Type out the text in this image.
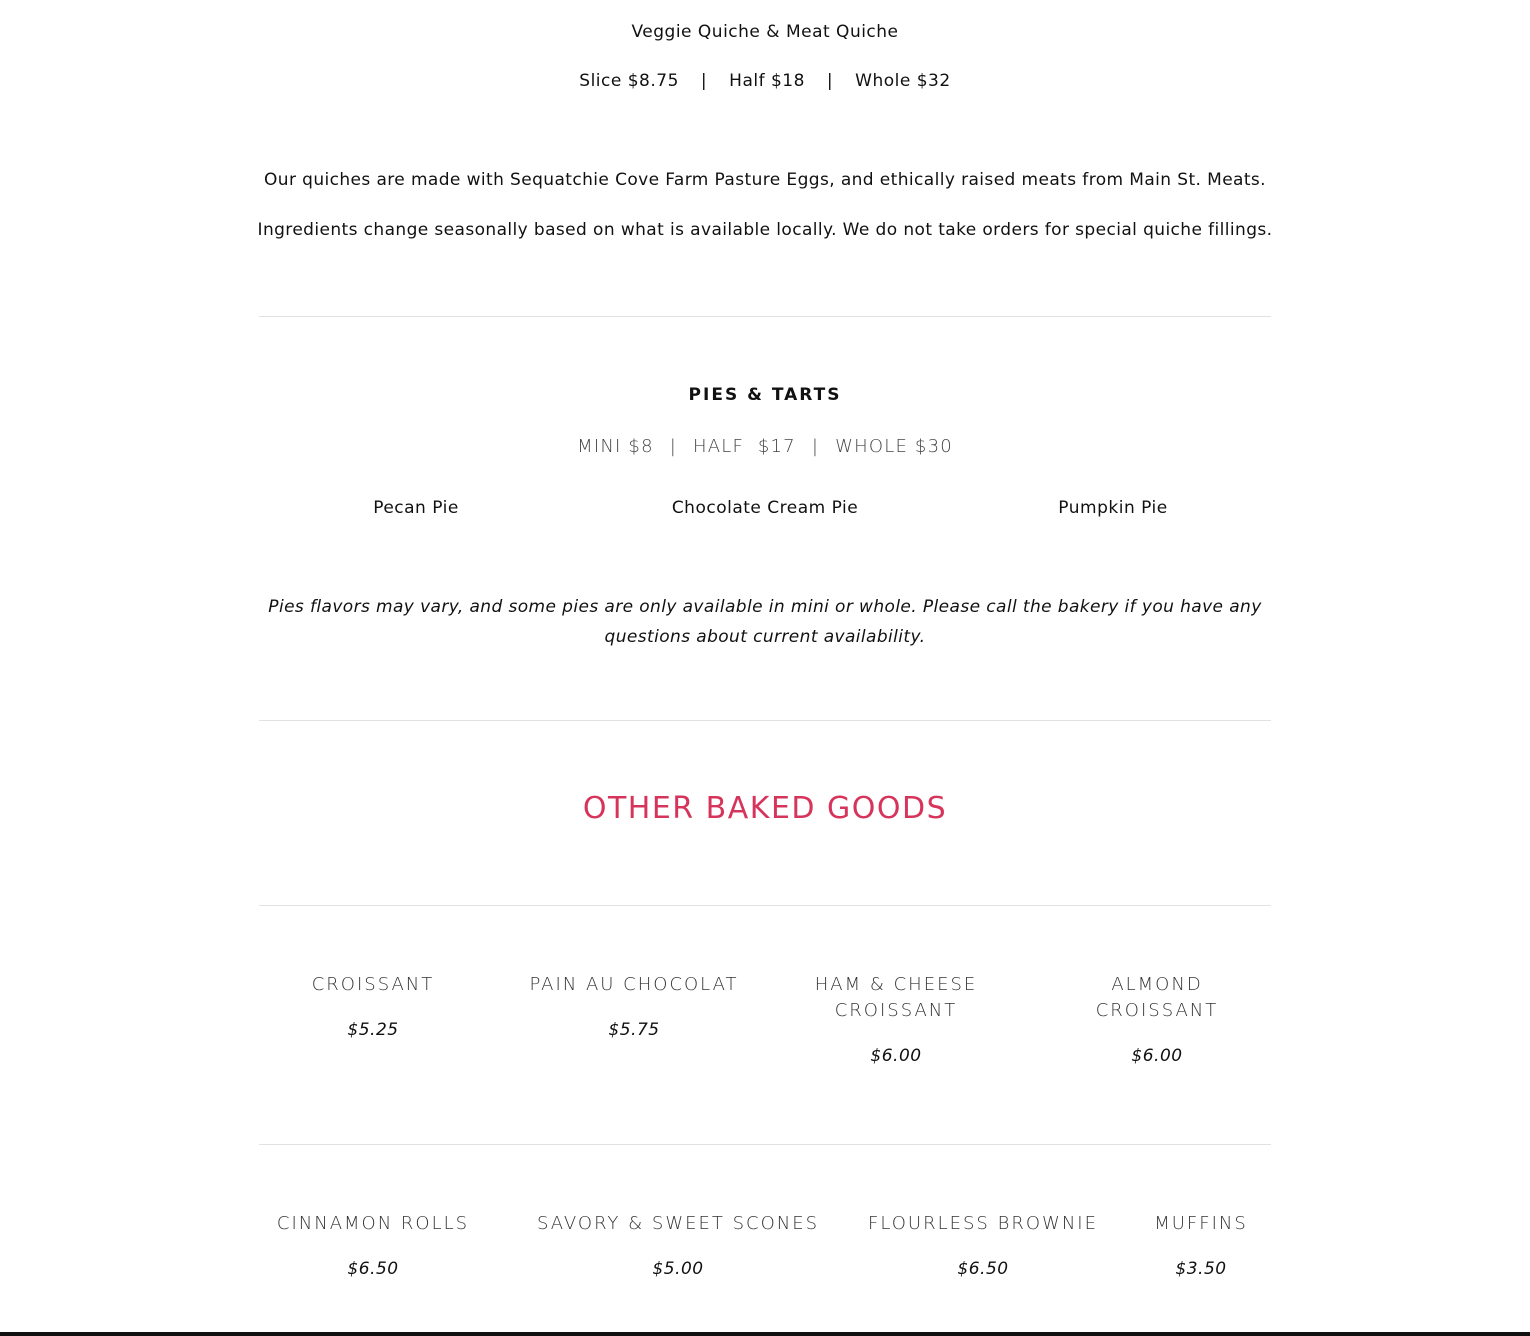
Veggie Quiche & Meat Quiche
Slice $8.75 | Half $18 | Whole $32
Our quiches are made with Sequatchie Cove Farm Pasture Eggs, and ethically raised meats from Main St. Meats.
Ingredients change seasonally based on what is available locally. We do not take orders for special quiche fillings.
PIES & TARTS
MINI $8 | HALF  $17 | WHOLE $30
Pecan Pie	Chocolate Cream Pie	Pumpkin Pie
Pies flavors may vary, and some pies are only available in mini or whole. Please call the bakery if you have any questions about current availability.
OTHER BAKED GOODS
CROISSANT
$5.25
PAIN AU CHOCOLAT
$5.75
HAM & CHEESE CROISSANT
$6.00
ALMOND CROISSANT
$6.00
CINNAMON ROLLS
$6.50
SAVORY & SWEET SCONES
$5.00
FLOURLESS BROWNIE
$6.50
MUFFINS
$3.50
